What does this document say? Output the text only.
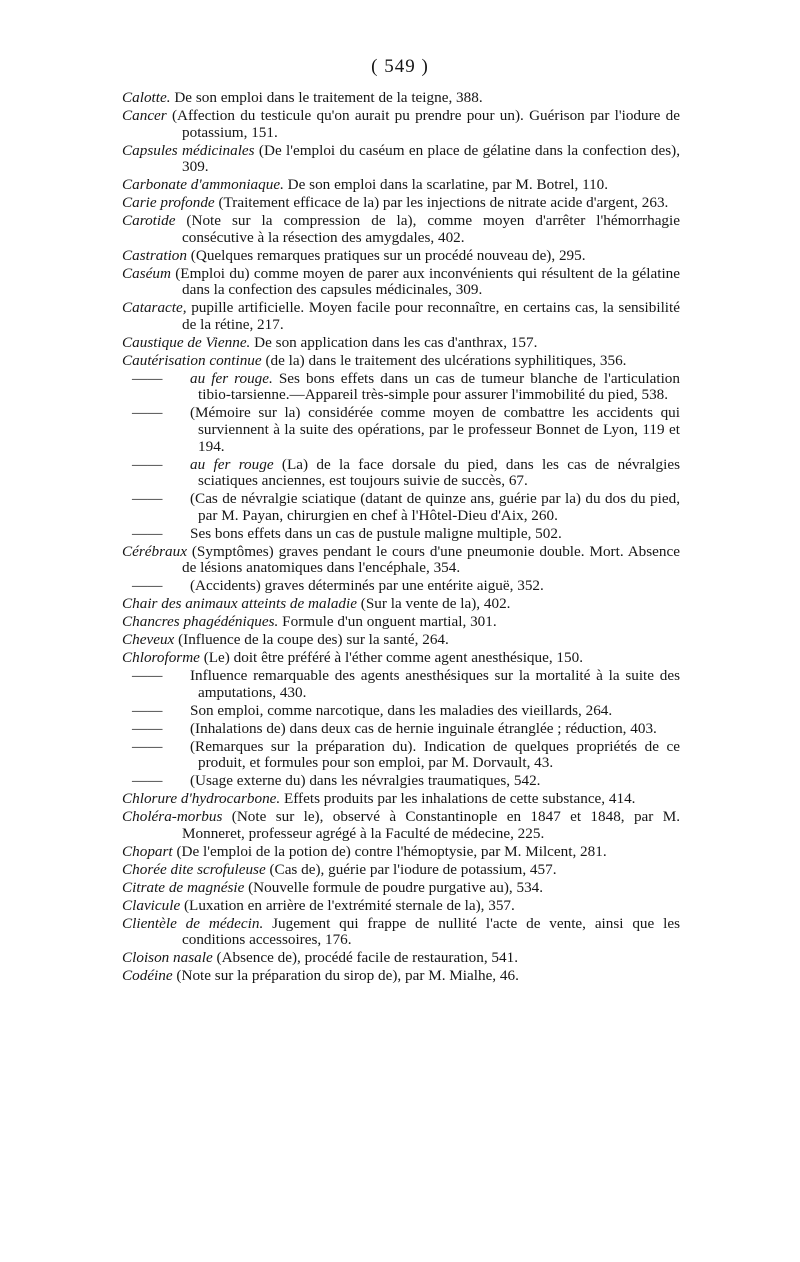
( 549 )

Calotte. De son emploi dans le traitement de la teigne, 388.

Cancer (Affection du testicule qu'on aurait pu prendre pour un). Guérison par l'iodure de potassium, 151.

Capsules médicinales (De l'emploi du caséum en place de gélatine dans la confection des), 309.

Carbonate d'ammoniaque. De son emploi dans la scarlatine, par M. Botrel, 110.

Carie profonde (Traitement efficace de la) par les injections de nitrate acide d'argent, 263.

Carotide (Note sur la compression de la), comme moyen d'arrêter l'hémorrhagie consécutive à la résection des amygdales, 402.

Castration (Quelques remarques pratiques sur un procédé nouveau de), 295.

Caséum (Emploi du) comme moyen de parer aux inconvénients qui résultent de la gélatine dans la confection des capsules médicinales, 309.

Cataracte, pupille artificielle. Moyen facile pour reconnaître, en certains cas, la sensibilité de la rétine, 217.

Caustique de Vienne. De son application dans les cas d'anthrax, 157.

Cautérisation continue (de la) dans le traitement des ulcérations syphilitiques, 356.

—— au fer rouge. Ses bons effets dans un cas de tumeur blanche de l'articulation tibio-tarsienne.—Appareil très-simple pour assurer l'immobilité du pied, 538.

—— (Mémoire sur la) considérée comme moyen de combattre les accidents qui surviennent à la suite des opérations, par le professeur Bonnet de Lyon, 119 et 194.

—— au fer rouge (La) de la face dorsale du pied, dans les cas de névralgies sciatiques anciennes, est toujours suivie de succès, 67.

—— (Cas de névralgie sciatique (datant de quinze ans, guérie par la) du dos du pied, par M. Payan, chirurgien en chef à l'Hôtel-Dieu d'Aix, 260.

—— Ses bons effets dans un cas de pustule maligne multiple, 502.

Cérébraux (Symptômes) graves pendant le cours d'une pneumonie double. Mort. Absence de lésions anatomiques dans l'encéphale, 354.

—— (Accidents) graves déterminés par une entérite aiguë, 352.

Chair des animaux atteints de maladie (Sur la vente de la), 402.

Chancres phagédéniques. Formule d'un onguent martial, 301.

Cheveux (Influence de la coupe des) sur la santé, 264.

Chloroforme (Le) doit être préféré à l'éther comme agent anesthésique, 150.

—— Influence remarquable des agents anesthésiques sur la mortalité à la suite des amputations, 430.

—— Son emploi, comme narcotique, dans les maladies des vieillards, 264.

—— (Inhalations de) dans deux cas de hernie inguinale étranglée ; réduction, 403.

—— (Remarques sur la préparation du). Indication de quelques propriétés de ce produit, et formules pour son emploi, par M. Dorvault, 43.

—— (Usage externe du) dans les névralgies traumatiques, 542.

Chlorure d'hydrocarbone. Effets produits par les inhalations de cette substance, 414.

Choléra-morbus (Note sur le), observé à Constantinople en 1847 et 1848, par M. Monneret, professeur agrégé à la Faculté de médecine, 225.

Chopart (De l'emploi de la potion de) contre l'hémoptysie, par M. Milcent, 281.

Chorée dite scrofuleuse (Cas de), guérie par l'iodure de potassium, 457.

Citrate de magnésie (Nouvelle formule de poudre purgative au), 534.

Clavicule (Luxation en arrière de l'extrémité sternale de la), 357.

Clientèle de médecin. Jugement qui frappe de nullité l'acte de vente, ainsi que les conditions accessoires, 176.

Cloison nasale (Absence de), procédé facile de restauration, 541.

Codéine (Note sur la préparation du sirop de), par M. Mialhe, 46.
